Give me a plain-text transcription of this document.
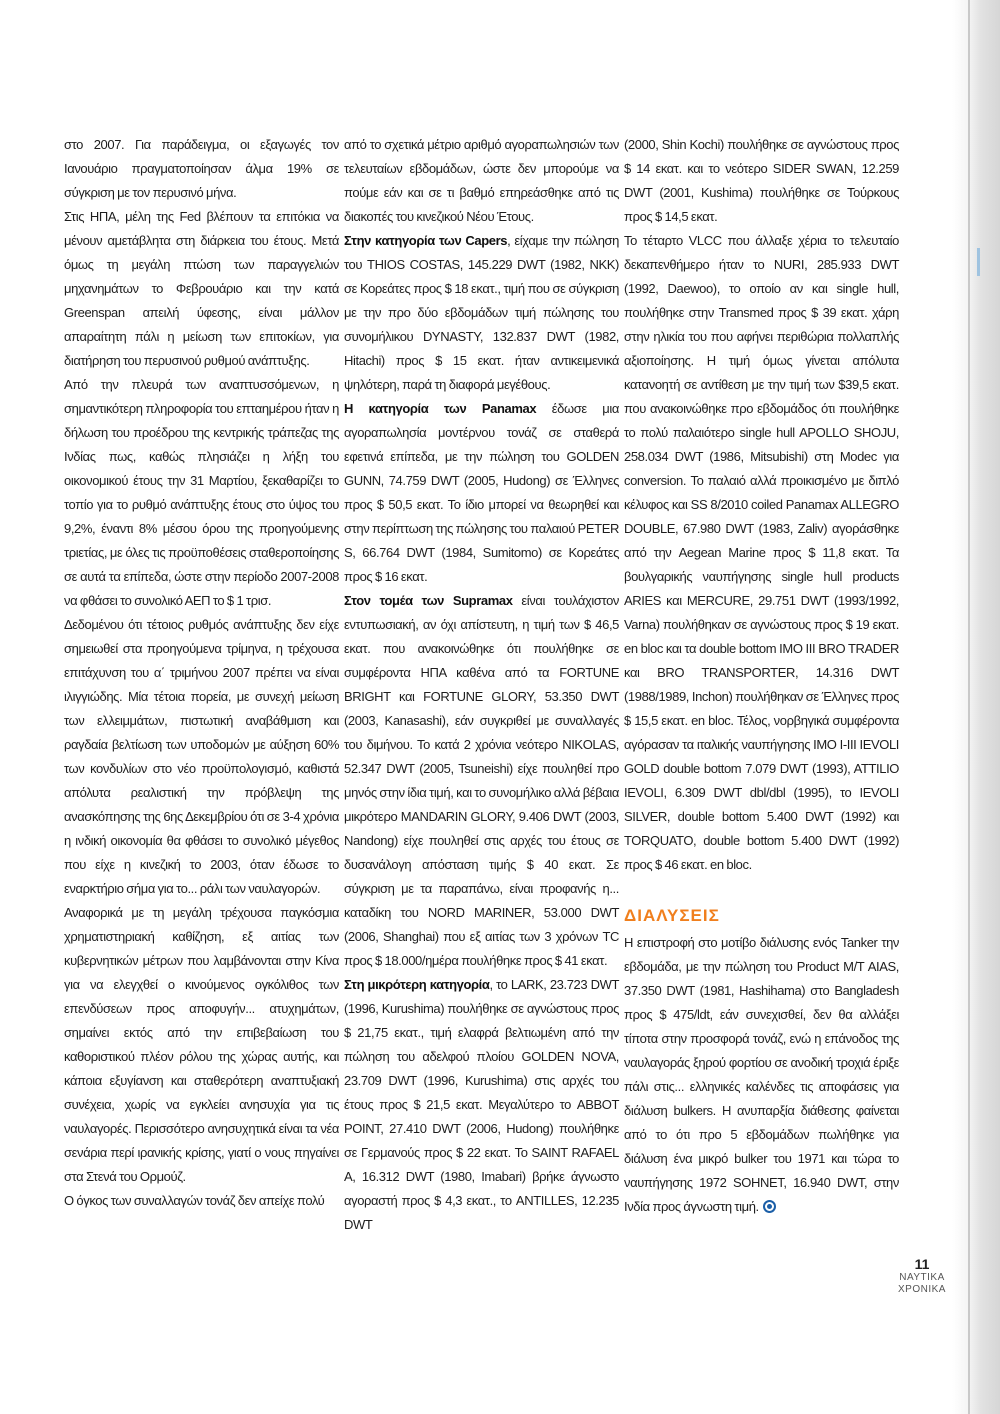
στο 2007. Για παράδειγμα, οι εξαγωγές τον Ιανουάριο πραγματοποίησαν άλμα 19% σε σύγκριση με τον περυσινό μήνα.

Στις ΗΠΑ, μέλη της Fed βλέπουν τα επιτόκια να μένουν αμετάβλητα στη διάρκεια του έτους. Μετά όμως τη μεγάλη πτώση των παραγγελιών μηχανημάτων το Φεβρουάριο και την κατά Greenspan απειλή ύφεσης, είναι μάλλον απαραίτητη πάλι η μείωση των επιτοκίων, για διατήρηση του περυσινού ρυθμού ανάπτυξης.

Από την πλευρά των αναπτυσσόμενων, η σημαντικότερη πληροφορία του επταημέρου ήταν η δήλωση του προέδρου της κεντρικής τράπεζας της Ινδίας πως, καθώς πλησιάζει η λήξη του οικονομικού έτους την 31 Μαρτίου, ξεκαθαρίζει το τοπίο για το ρυθμό ανάπτυξης έτους στο ύψος του 9,2%, έναντι 8% μέσου όρου της προηγούμενης τριετίας, με όλες τις προϋποθέσεις σταθεροποίησης σε αυτά τα επίπεδα, ώστε στην περίοδο 2007-2008 να φθάσει το συνολικό ΑΕΠ το $ 1 τρισ.

Δεδομένου ότι τέτοιος ρυθμός ανάπτυξης δεν είχε σημειωθεί στα προηγούμενα τρίμηνα, η τρέχουσα επιτάχυνση του α΄ τριμήνου 2007 πρέπει να είναι ιλιγγιώδης. Μία τέτοια πορεία, με συνεχή μείωση των ελλειμμάτων, πιστωτική αναβάθμιση και ραγδαία βελτίωση των υποδομών με αύξηση 60% των κονδυλίων στο νέο προϋπολογισμό, καθιστά απόλυτα ρεαλιστική την πρόβλεψη της ανασκόπησης της 6ης Δεκεμβρίου ότι σε 3-4 χρόνια η ινδική οικονομία θα φθάσει το συνολικό μέγεθος που είχε η κινεζική το 2003, όταν έδωσε το εναρκτήριο σήμα για το... ράλι των ναυλαγορών.

Αναφορικά με τη μεγάλη τρέχουσα παγκόσμια χρηματιστηριακή καθίζηση, εξ αιτίας των κυβερνητικών μέτρων που λαμβάνονται στην Κίνα για να ελεγχθεί ο κινούμενος ογκόλιθος των επενδύσεων προς αποφυγήν... ατυχημάτων, σημαίνει εκτός από την επιβεβαίωση του καθοριστικού πλέον ρόλου της χώρας αυτής, και κάποια εξυγίανση και σταθερότερη αναπτυξιακή συνέχεια, χωρίς να εγκλείει ανησυχία για τις ναυλαγορές. Περισσότερο ανησυχητικά είναι τα νέα σενάρια περί ιρανικής κρίσης, γιατί ο νους πηγαίνει στα Στενά του Ορμούζ.

Ο όγκος των συναλλαγών τονάζ δεν απείχε πολύ

από το σχετικά μέτριο αριθμό αγοραπωλησιών των τελευταίων εβδομάδων, ώστε δεν μπορούμε να πούμε εάν και σε τι βαθμό επηρεάσθηκε από τις διακοπές του κινεζικού Νέου Έτους.

Στην κατηγορία των Capers, είχαμε την πώληση του THIOS COSTAS, 145.229 DWT (1982, NKK) σε Κορεάτες προς $ 18 εκατ., τιμή που σε σύγκριση με την προ δύο εβδομάδων τιμή πώλησης του συνομήλικου DYNASTY, 132.837 DWT (1982, Hitachi) προς $ 15 εκατ. ήταν αντικειμενικά ψηλότερη, παρά τη διαφορά μεγέθους.

Η κατηγορία των Panamax έδωσε μια αγοραπωλησία μοντέρνου τονάζ σε σταθερά εφετινά επίπεδα, με την πώληση του GOLDEN GUNN, 74.759 DWT (2005, Hudong) σε Έλληνες προς $ 50,5 εκατ. Το ίδιο μπορεί να θεωρηθεί και στην περίπτωση της πώλησης του παλαιού PETER S, 66.764 DWT (1984, Sumitomo) σε Κορεάτες προς $ 16 εκατ.

Στον τομέα των Supramax είναι τουλάχιστον εντυπωσιακή, αν όχι απίστευτη, η τιμή των $ 46,5 εκατ. που ανακοινώθηκε ότι πουλήθηκε σε συμφέροντα ΗΠΑ καθένα από τα FORTUNE BRIGHT και FORTUNE GLORY, 53.350 DWT (2003, Kanasashi), εάν συγκριθεί με συναλλαγές του διμήνου. Το κατά 2 χρόνια νεότερο NIKOLAS, 52.347 DWT (2005, Tsuneishi) είχε πουληθεί προ μηνός στην ίδια τιμή, και το συνομήλικο αλλά βέβαια μικρότερο MANDARIN GLORY, 9.406 DWT (2003, Nandong) είχε πουληθεί στις αρχές του έτους σε δυσανάλογη απόσταση τιμής $ 40 εκατ. Σε σύγκριση με τα παραπάνω, είναι προφανής η... καταδίκη του NORD MARINER, 53.000 DWT (2006, Shanghai) που εξ αιτίας των 3 χρόνων TC προς $ 18.000/ημέρα πουλήθηκε προς $ 41 εκατ.

Στη μικρότερη κατηγορία, το LARK, 23.723 DWT (1996, Kurushima) πουλήθηκε σε αγνώστους προς $ 21,75 εκατ., τιμή ελαφρά βελτιωμένη από την πώληση του αδελφού πλοίου GOLDEN NOVA, 23.709 DWT (1996, Kurushima) στις αρχές του έτους προς $ 21,5 εκατ. Μεγαλύτερο το ABBOT POINT, 27.410 DWT (2006, Hudong) πουλήθηκε σε Γερμανούς προς $ 22 εκατ. Το SAINT RAFAEL A, 16.312 DWT (1980, Imabari) βρήκε άγνωστο αγοραστή προς $ 4,3 εκατ., το ANTILLES, 12.235 DWT

(2000, Shin Kochi) πουλήθηκε σε αγνώστους προς $ 14 εκατ. και το νεότερο SIDER SWAN, 12.259 DWT (2001, Kushima) πουλήθηκε σε Τούρκους προς $ 14,5 εκατ.

Το τέταρτο VLCC που άλλαξε χέρια το τελευταίο δεκαπενθήμερο ήταν το NURI, 285.933 DWT (1992, Daewoo), το οποίο αν και single hull, πουλήθηκε στην Transmed προς $ 39 εκατ. χάρη στην ηλικία του που αφήνει περιθώρια πολλαπλής αξιοποίησης. Η τιμή όμως γίνεται απόλυτα κατανοητή σε αντίθεση με την τιμή των $39,5 εκατ. που ανακοινώθηκε προ εβδομάδος ότι πουλήθηκε το πολύ παλαιότερο single hull APOLLO SHOJU, 258.034 DWT (1986, Mitsubishi) στη Modec για conversion. Το παλαιό αλλά προικισμένο με διπλό κέλυφος και SS 8/2010 coiled Panamax ALLEGRO DOUBLE, 67.980 DWT (1983, Zaliv) αγοράσθηκε από την Aegean Marine προς $ 11,8 εκατ. Τα βουλγαρικής ναυπήγησης single hull products ARIES και MERCURE, 29.751 DWT (1993/1992, Varna) πουλήθηκαν σε αγνώστους προς $ 19 εκατ. en bloc και τα double bottom IMO III BRO TRADER και BRO TRANSPORTER, 14.316 DWT (1988/1989, Inchon) πουλήθηκαν σε Έλληνες προς $ 15,5 εκατ. en bloc. Τέλος, νορβηγικά συμφέροντα αγόρασαν τα ιταλικής ναυπήγησης IMO I-III IEVOLI GOLD double bottom 7.079 DWT (1993), ATTILIO IEVOLI, 6.309 DWT dbl/dbl (1995), το IEVOLI SILVER, double bottom 5.400 DWT (1992) και TORQUATO, double bottom 5.400 DWT (1992) προς $ 46 εκατ. en bloc.

ΔΙΑΛΥΣΕΙΣ

Η επιστροφή στο μοτίβο διάλυσης ενός Tanker την εβδομάδα, με την πώληση του Product M/T AIAS, 37.350 DWT (1981, Hashihama) στο Bangladesh προς $ 475/ldt, εάν συνεχισθεί, δεν θα αλλάξει τίποτα στην προσφορά τονάζ, ενώ η επάνοδος της ναυλαγοράς ξηρού φορτίου σε ανοδική τροχιά έριξε πάλι στις... ελληνικές καλένδες τις αποφάσεις για διάλυση bulkers. Η ανυπαρξία διάθεσης φαίνεται από το ότι προ 5 εβδομάδων πωλήθηκε για διάλυση ένα μικρό bulker του 1971 και τώρα το ναυπήγησης 1972 SOHNET, 16.940 DWT, στην Ινδία προς άγνωστη τιμή.

11
ΝΑΥΤΙΚΑ
ΧΡΟΝΙΚΑ
